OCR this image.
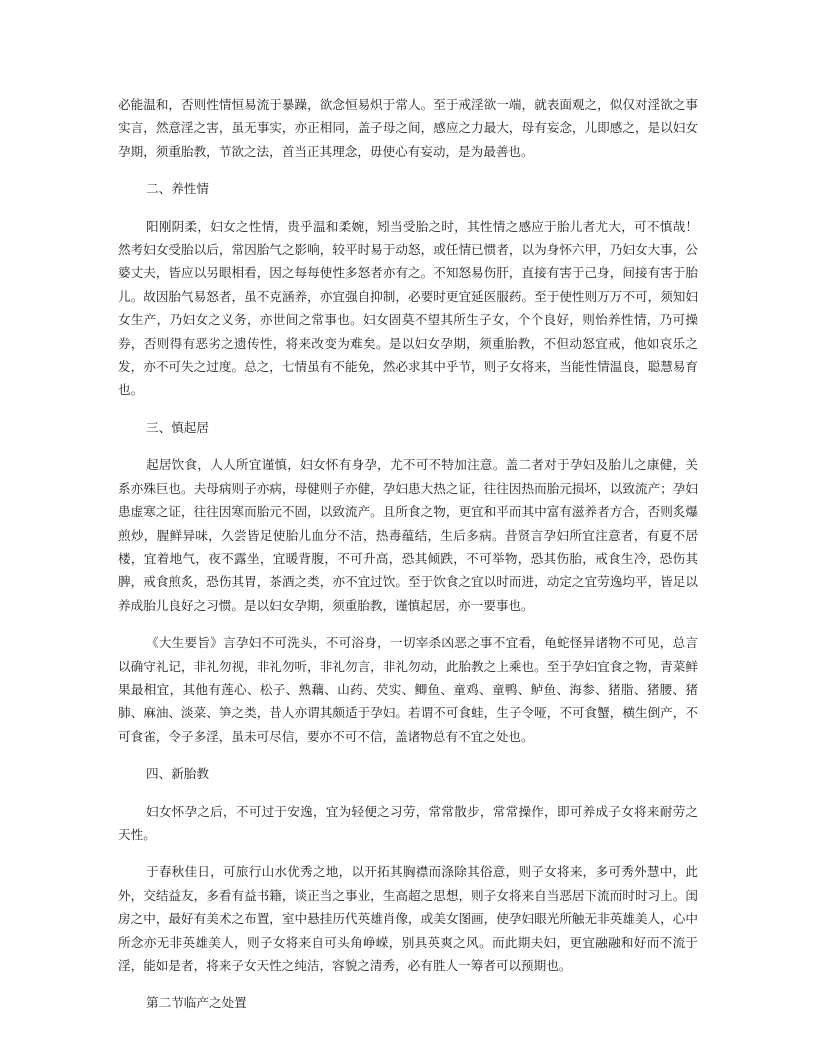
必能温和，否则性情恒易流于暴躁，欲念恒易炽于常人。至于戒淫欲一端，就表面观之，似仅对淫欲之事实言，然意淫之害，虽无事实，亦正相同，盖子母之间，感应之力最大，母有妄念，儿即感之，是以妇女孕期，须重胎教，节欲之法，首当正其理念，毋使心有妄动，是为最善也。

二、养性情

阳刚阴柔，妇女之性情，贵乎温和柔婉，矧当受胎之时，其性情之感应于胎儿者尤大，可不慎哉！然考妇女受胎以后，常因胎气之影响，较平时易于动怒，或任情已惯者，以为身怀六甲，乃妇女大事，公婆丈夫，皆应以另眼相看，因之每每使性多怒者亦有之。不知怒易伤肝，直接有害于己身，间接有害于胎儿。故因胎气易怒者，虽不克涵养，亦宜强自抑制，必要时更宜延医服药。至于使性则万万不可，须知妇女生产，乃妇女之义务，亦世间之常事也。妇女固莫不望其所生子女，个个良好，则怡养性情，乃可操券，否则得有恶劣之遗传性，将来改变为难矣。是以妇女孕期，须重胎教，不但动怒宜戒，他如哀乐之发，亦不可失之过度。总之，七情虽有不能免，然必求其中乎节，则子女将来，当能性情温良，聪慧易育也。

三、慎起居

起居饮食，人人所宜谨慎，妇女怀有身孕，尤不可不特加注意。盖二者对于孕妇及胎儿之康健，关系亦殊巨也。夫母病则子亦病，母健则子亦健，孕妇患大热之证，往往因热而胎元损坏，以致流产；孕妇患虚寒之证，往往因寒而胎元不固，以致流产。且所食之物，更宜和平而其中富有滋养者方合，否则炙爆煎炒，腥鲜异味，久尝皆足使胎儿血分不洁，热毒蕴结，生后多病。昔贤言孕妇所宜注意者，有夏不居楼，宜着地气，夜不露坐，宜暖背腹，不可升高，恐其倾跌，不可举物，恐其伤胎，戒食生冷，恐伤其脾，戒食煎炙，恐伤其胃，茶酒之类，亦不宜过饮。至于饮食之宜以时而进，动定之宜劳逸均平，皆足以养成胎儿良好之习惯。是以妇女孕期，须重胎教，谨慎起居，亦一要事也。

《大生要旨》言孕妇不可洗头，不可浴身，一切宰杀凶恶之事不宜看，龟蛇怪异诸物不可见，总言以确守礼记，非礼勿视，非礼勿听，非礼勿言，非礼勿动，此胎教之上乘也。至于孕妇宜食之物，青菜鲜果最相宜，其他有莲心、松子、熟藕、山药、芡实、鲫鱼、童鸡、童鸭、鲈鱼、海参、猪脂、猪腰、猪肺、麻油、淡菜、笋之类，昔人亦谓其颇适于孕妇。若谓不可食蛙，生子令哑，不可食蟹，横生倒产，不可食雀，令子多淫，虽未可尽信，要亦不可不信，盖诸物总有不宜之处也。

四、新胎教

妇女怀孕之后，不可过于安逸，宜为轻便之习劳，常常散步，常常操作，即可养成子女将来耐劳之天性。

于春秋佳日，可旅行山水优秀之地，以开拓其胸襟而涤除其俗意，则子女将来，多可秀外慧中，此外，交结益友，多看有益书籍，谈正当之事业，生高超之思想，则子女将来自当恶居下流而时时习上。闺房之中，最好有美术之布置，室中悬挂历代英雄肖像，或美女图画，使孕妇眼光所触无非英雄美人，心中所念亦无非英雄美人，则子女将来自可头角峥嵘，别具英爽之风。而此期夫妇，更宜融融和好而不流于淫，能如是者，将来子女天性之纯洁，容貌之清秀，必有胜人一筹者可以预期也。

第二节临产之处置
